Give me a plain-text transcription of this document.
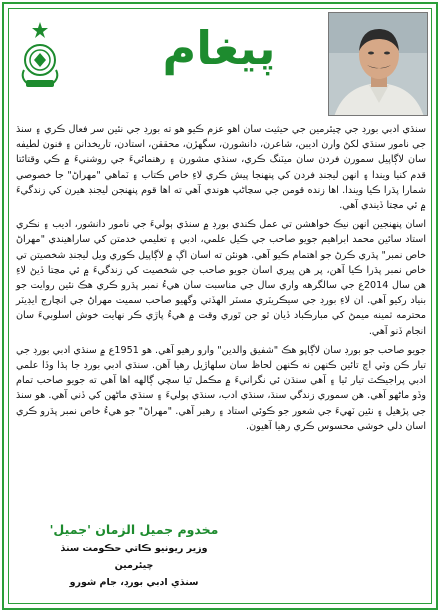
پيغام

سنڌي ادبي بورڊ جي چيئرمين جي حيثيت سان اهو عزم ڪيو هو ته بورڊ جي نئين سر فعال ڪري ۽ سنڌ جي نامور سنڌي لکڻ وارن اديبن، شاعرن، دانشورن، سگهڙن، محققن، استادن، تاريخدانن ۽ فنون لطيفه سان لاڳاپيل سمورن فردن سان ميٽنگ ڪري، سنڌي مشورن ۽ رهنمائيءَ جي روشنيءَ ۾ ڪي وقتائتا قدم کنيا ويندا ۽ انهن ليجنڊ فردن کي پنهنجا پيش ڪري لاءِ خاص ڪتاب ۽ ٽماهي "مهراڻ" جا خصوصي شمارا پڌرا ڪيا ويندا. اها زنده قومن جي سڃاڻپ هوندي آهي ته اها قوم پنهنجن ليجنڊ هيرن کي زندگيءَ ۾ ئي مڃتا ڏيندي آهي.

اسان پنهنجين انهن نيڪ خواهشن تي عمل ڪندي بورڊ ۾ سنڌي ٻوليءَ جي نامور دانشور، اديب ۽ نڪري استاد سائين محمد ابراهيم جويو صاحب جي ڪيل علمي، ادبي ۽ تعليمي خدمتن کي ساراهيندي "مهراڻ خاص نمبر" پڌري ڪرڻ جو اهتمام ڪيو آهي. هونئن ته اسان اڳ ۾ لاڳاپيل ڪوري ويل ليجنڊ شخصيتن تي خاص نمبر پڌرا ڪيا آهن، پر هن پيري اسان جويو صاحب جي شخصيت کي زندگيءَ ۾ ئي مڃتا ڏيڻ لاءِ هن سال 2014ع جي سالگرهه واري سال جي مناسبت سان هيءُ نمبر پڌرو ڪري هڪ نئين روايت جو بنياد رکيو آهي. ان لاءِ بورڊ جي سيڪريٽري مسٽر الهڏتي وگهيو صاحب سميت مهراڻ جي انچارج ايڊيٽر محترمه ثمينه ميمڻ کي مبارڪباد ڏيان ٿو جن ٿوري وقت ۾ هيءُ پاڙي ڪر نهايت خوش اسلوبيءَ سان انجام ڏنو آهي.

جويو صاحب جو بورڊ سان لاڳاپو هڪ "شفيق والدين" وارو رهيو آهي. هو 1951ع ۾ سنڌي ادبي بورڊ جي تيار ڪن وٽي اچ تائين ڪنهن نه ڪنهن لحاظ سان سلهاڙيل رهيا آهن. سنڌي ادبي بورڊ جا ٻڌا وڏا علمي ادبي پراجيڪٽ تيار ٿيا ۽ آهي سنڌن ئي نگرانيءَ ۾ مڪمل ٿيا سچي ڳالهه اها آهي ته جويو صاحب تمام وڏو ماڻهو آهي. هن سموري زندگي سنڌ، سنڌي ادب، سنڌي ٻوليءَ ۽ سنڌي ماڻهن کي ڏني آهي. هو سنڌ جي پڙهيل ۽ نئين ٽهيءَ جي شعور جو ڪوئي استاد ۽ رهبر آهي. "مهراڻ" جو هيءُ خاص نمبر پڌرو ڪري اسان دلي خوشي محسوس ڪري رهيا آهيون.

مخدوم جميل الزمان 'جميل'
وزير ريونيو ڪاتي حڪومت سنڌ
چيئرمين
سنڌي ادبي بورڊ، جام شورو
